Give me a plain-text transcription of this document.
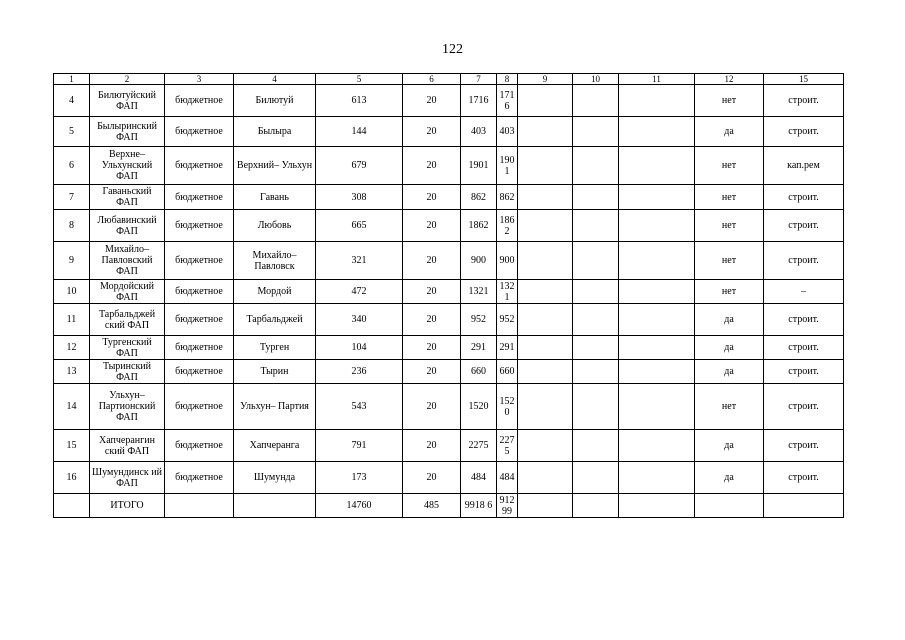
122
1	2	3	4	5	6	7	8	9	10	11	12	15
4	Билютуйский ФАП	бюджетное	Билютуй	613	20	1716	171 6				нет	строит.
5	Былыринский ФАП	бюджетное	Былыра	144	20	403	403				да	строит.
6	Верхне– Ульхунский ФАП	бюджетное	Верхний– Ульхун	679	20	1901	190 1				нет	кап.рем
7	Гаваньский ФАП	бюджетное	Гавань	308	20	862	862				нет	строит.
8	Любавинский ФАП	бюджетное	Любовь	665	20	1862	186 2				нет	строит.
9	Михайло– Павловский ФАП	бюджетное	Михайло– Павловск	321	20	900	900				нет	строит.
10	Мордойский ФАП	бюджетное	Мордой	472	20	1321	132 1				нет	–
11	Тарбальджей ский ФАП	бюджетное	Тарбальджей	340	20	952	952				да	строит.
12	Тургенский ФАП	бюджетное	Турген	104	20	291	291				да	строит.
13	Тыринский ФАП	бюджетное	Тырин	236	20	660	660				да	строит.
14	Ульхун– Партионский ФАП	бюджетное	Ульхун– Партия	543	20	1520	152 0				нет	строит.
15	Хапчерангин ский ФАП	бюджетное	Хапчеранга	791	20	2275	227 5				да	строит.
16	Шумундинск ий ФАП	бюджетное	Шумунда	173	20	484	484				да	строит.
	ИТОГО			14760	485	9918 6	912 99					
